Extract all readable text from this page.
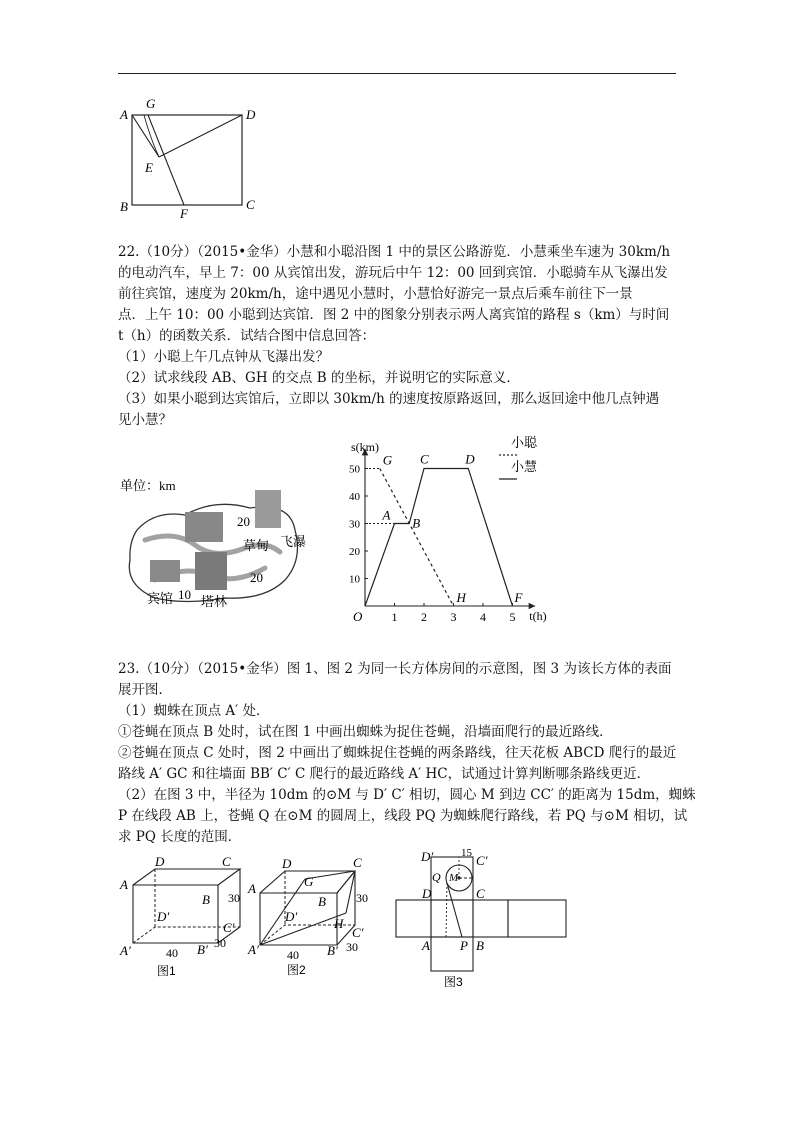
A
G
D
E
B	F
C
22.（10分）（2015•金华）小慧和小聪沿图 1 中的景区公路游览．小慧乘坐车速为 30km/h
的电动汽车，早上 7：00 从宾馆出发，游玩后中午 12：00 回到宾馆．小聪骑车从飞瀑出发
前往宾馆，速度为 20km/h，途中遇见小慧时，小慧恰好游完一景点后乘车前往下一景
点．上午 10：00 小聪到达宾馆．图 2 中的图象分别表示两人离宾馆的路程 s（km）与时间
t（h）的函数关系．试结合图中信息回答：
（1）小聪上午几点钟从飞瀑出发？
（2）试求线段 AB、GH 的交点 B 的坐标，并说明它的实际意义．
（3）如果小聪到达宾馆后，立即以 30km/h 的速度按原路返回，那么返回途中他几点钟遇
见小慧？
单位：km
20
草甸 飞瀑
20
10
宾馆 塔林
s(km)
t(h)
O 1 2 3 4 5
10
20
30
40
50
A
B
C	D
G
H	F
小聪
小慧
23.（10分）（2015•金华）图 1、图 2 为同一长方体房间的示意图，图 3 为该长方体的表面
展开图．
（1）蜘蛛在顶点 A′ 处．
①苍蝇在顶点 B 处时，试在图 1 中画出蜘蛛为捉住苍蝇，沿墙面爬行的最近路线．
②苍蝇在顶点 C 处时，图 2 中画出了蜘蛛捉住苍蝇的两条路线，往天花板 ABCD 爬行的最近
路线 A′ GC 和往墙面 BB′ C′ C 爬行的最近路线 A′ HC，试通过计算判断哪条路线更近．
（2）在图 3 中，半径为 10dm 的⊙M 与 D′ C′ 相切，圆心 M 到边 CC′ 的距离为 15dm，蜘蛛
P 在线段 AB 上，苍蝇 Q 在⊙M 的圆周上，线段 PQ 为蜘蛛爬行路线，若 PQ 与⊙M 相切，试
求 PQ 长度的范围．
A
D	C
B
D′
C′
A′	B′
30
40
30
图1
A
D	C
G
B
D′	H
C′
A′	B′
30
40
30
图2
D′	15 C′
Q M
D	C
A P B
图3
